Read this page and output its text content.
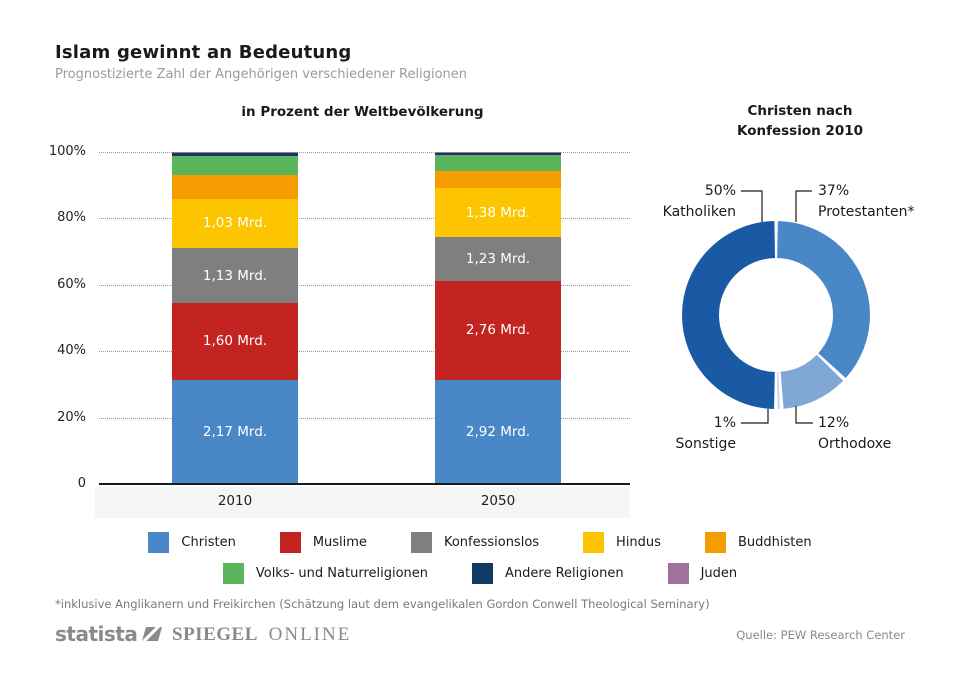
Islam gewinnt an Bedeutung
Prognostizierte Zahl der Angehörigen verschiedener Religionen
in Prozent der Weltbevölkerung
1,03 Mrd.
1,13 Mrd.
1,60 Mrd.
2,17 Mrd.
1,38 Mrd.
1,23 Mrd.
2,76 Mrd.
2,92 Mrd.
100%
80%
60%
40%
20%
0
2010	2050
Christen nach
Konfession 2010
50%
Katholiken
37%
Protestanten*
1%
Sonstige
12%
Orthodoxe
Christen	Muslime	Konfessionslos	Hindus	Buddhisten
Volks- und Naturreligionen	Andere Religionen	Juden
*inklusive Anglikanern und Freikirchen (Schätzung laut dem evangelikalen Gordon Conwell Theological Seminary)
statista SPIEGEL ONLINE	Quelle: PEW Research Center
